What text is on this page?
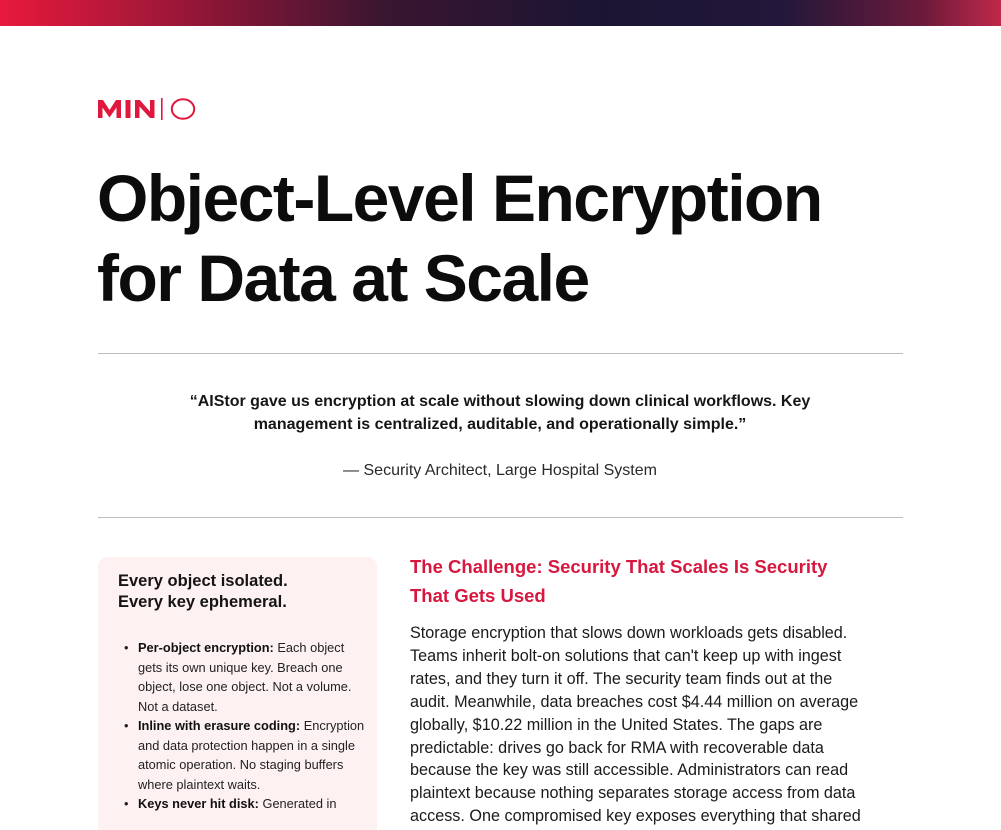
Object-Level Encryption
for Data at Scale
“AIStor gave us encryption at scale without slowing down clinical workflows. Key management is centralized, auditable, and operationally simple.”
— Security Architect, Large Hospital System
Every object isolated.
Every key ephemeral.
• Per-object encryption: Each object gets its own unique key. Breach one object, lose one object. Not a volume. Not a dataset.
• Inline with erasure coding: Encryption and data protection happen in a single atomic operation. No staging buffers where plaintext waits.
• Keys never hit disk: Generated in
The Challenge: Security That Scales Is Security
That Gets Used

Storage encryption that slows down workloads gets disabled.
Teams inherit bolt-on solutions that can't keep up with ingest
rates, and they turn it off. The security team finds out at the
audit. Meanwhile, data breaches cost $4.44 million on average
globally, $10.22 million in the United States. The gaps are
predictable: drives go back for RMA with recoverable data
because the key was still accessible. Administrators can read
plaintext because nothing separates storage access from data
access. One compromised key exposes everything that shared
